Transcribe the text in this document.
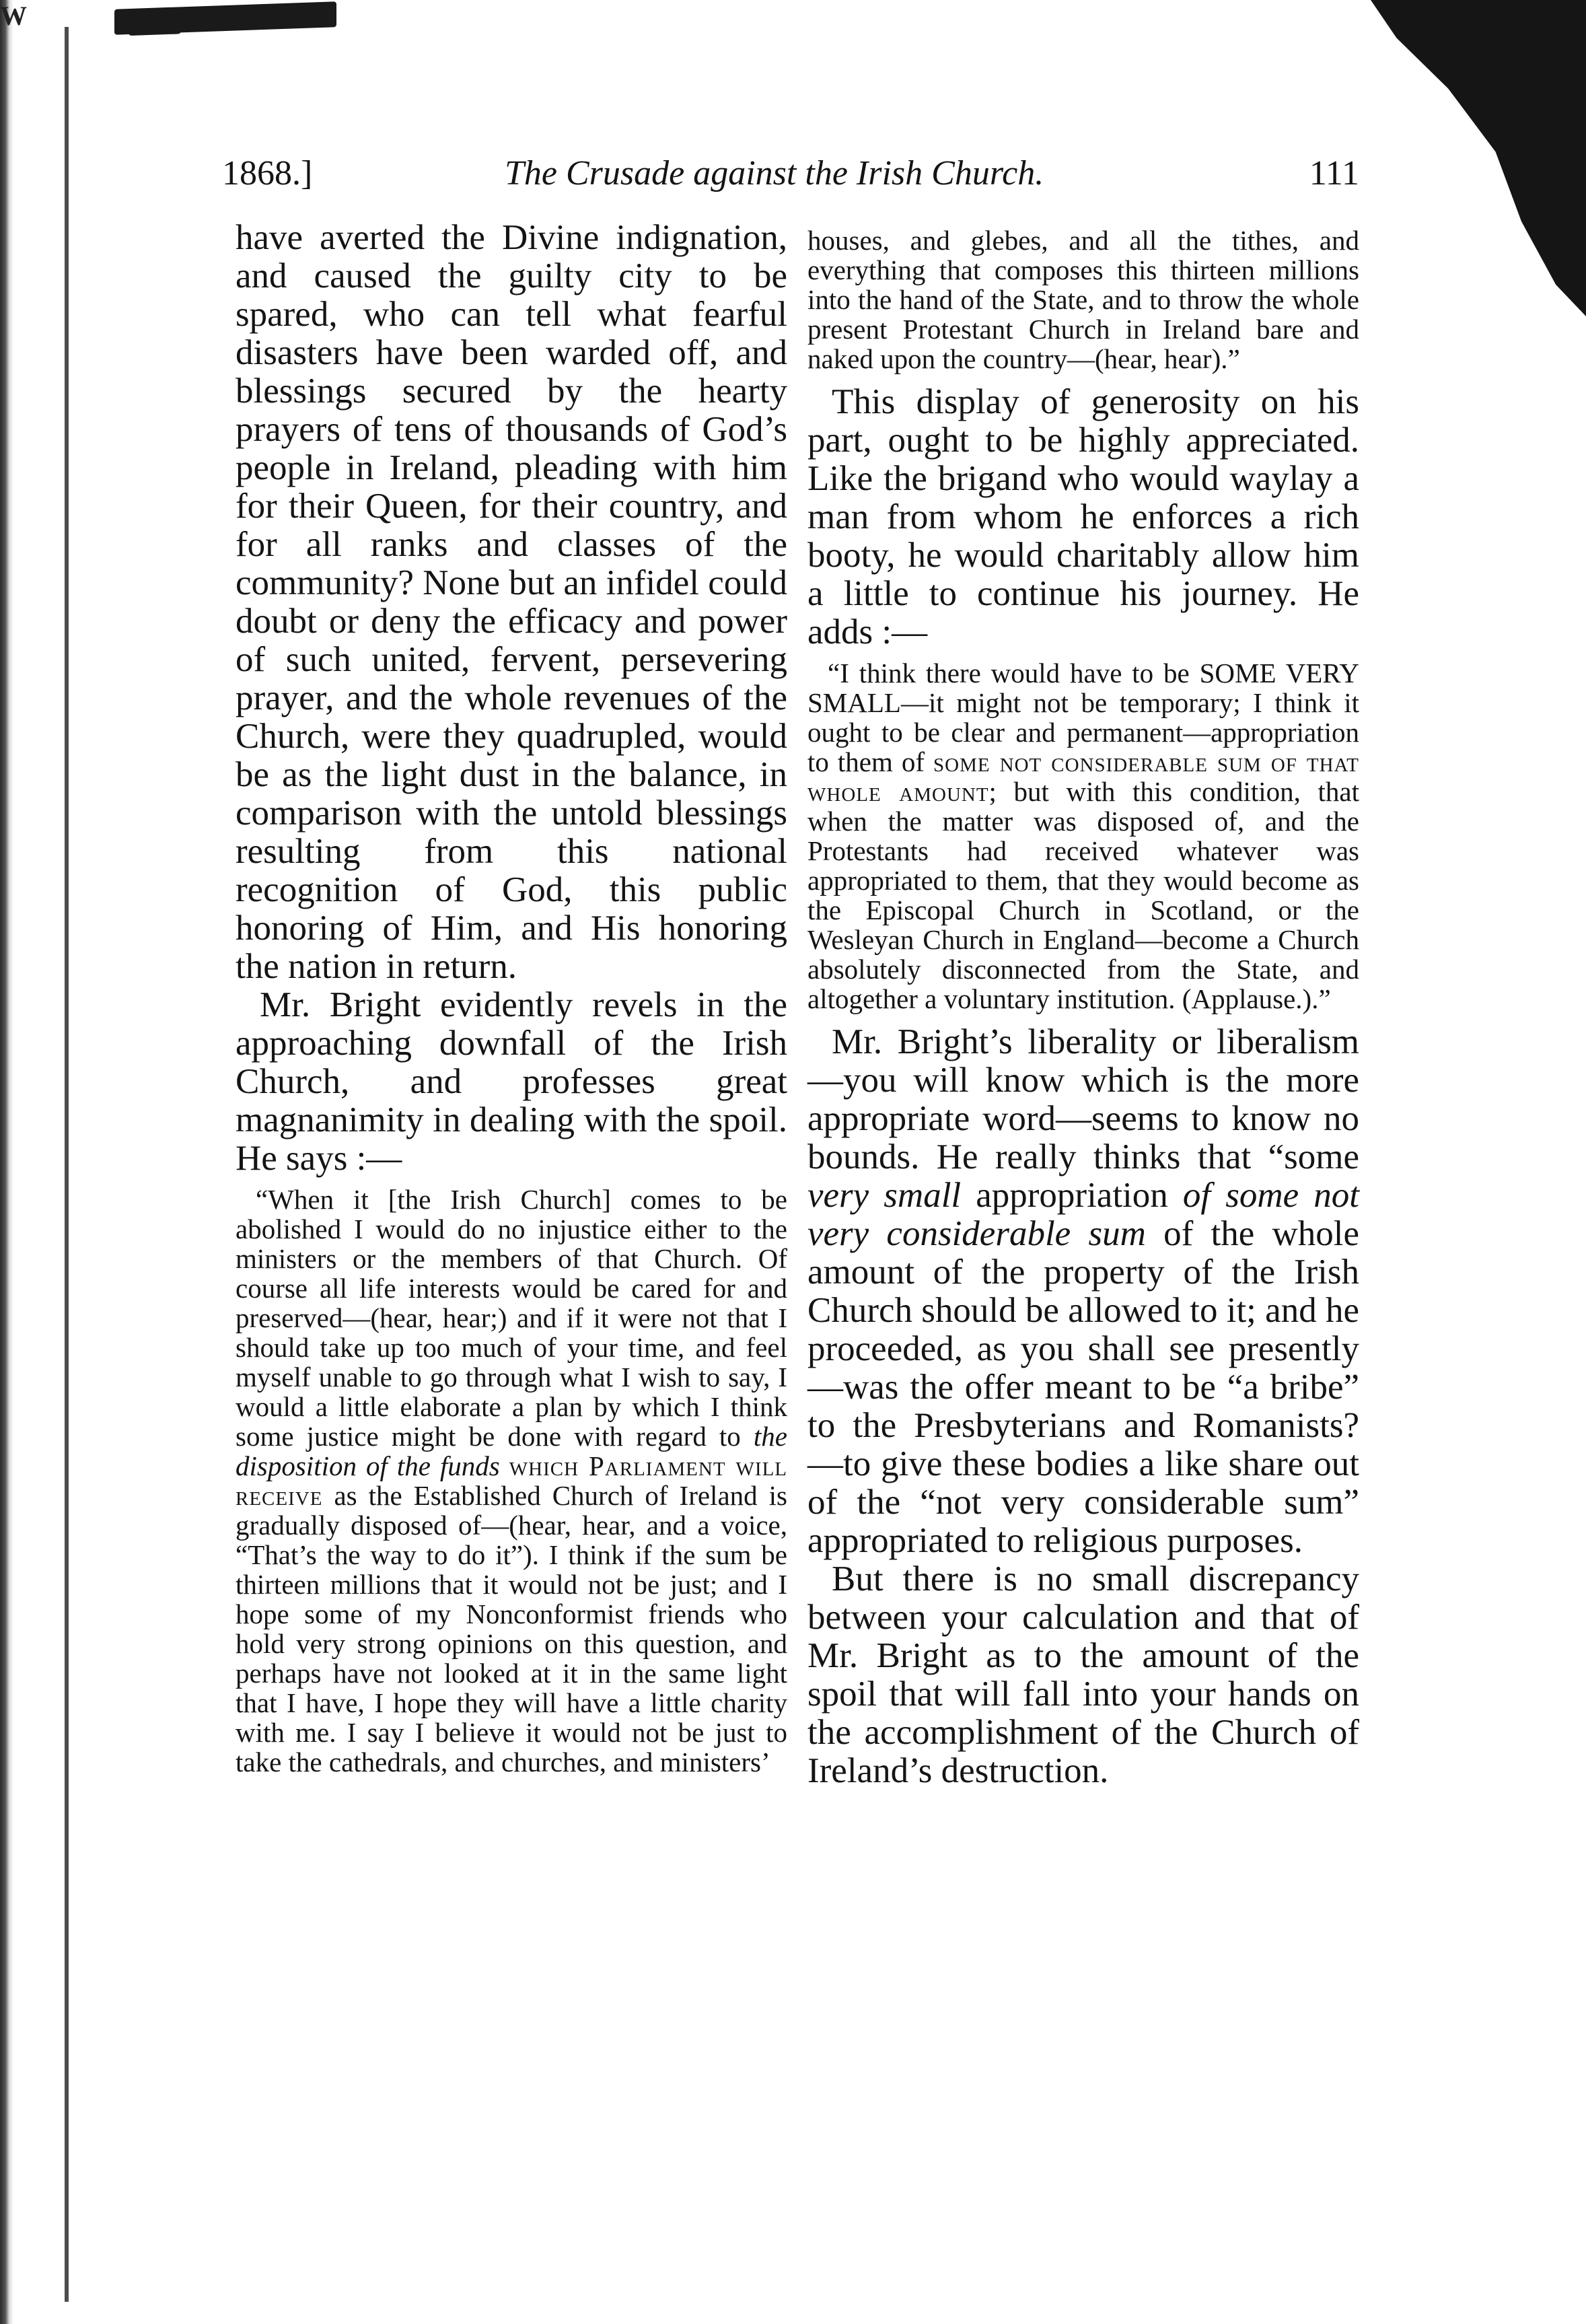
W
1868.]	The Crusade against the Irish Church.	111

have averted the Divine indignation, and caused the guilty city to be spared, who can tell what fearful disasters have been warded off, and blessings secured by the hearty prayers of tens of thousands of God’s people in Ireland, pleading with him for their Queen, for their country, and for all ranks and classes of the community? None but an infidel could doubt or deny the efficacy and power of such united, fervent, persevering prayer, and the whole revenues of the Church, were they quadrupled, would be as the light dust in the balance, in comparison with the untold blessings resulting from this national recognition of God, this public honoring of Him, and His honoring the nation in return.

Mr. Bright evidently revels in the approaching downfall of the Irish Church, and professes great magnanimity in dealing with the spoil. He says :—

“When it [the Irish Church] comes to be abolished I would do no injustice either to the ministers or the members of that Church. Of course all life interests would be cared for and preserved—(hear, hear;) and if it were not that I should take up too much of your time, and feel myself unable to go through what I wish to say, I would a little elaborate a plan by which I think some justice might be done with regard to the disposition of the funds which Parliament will receive as the Established Church of Ireland is gradually disposed of—(hear, hear, and a voice, “That’s the way to do it”). I think if the sum be thirteen millions that it would not be just; and I hope some of my Nonconformist friends who hold very strong opinions on this question, and perhaps have not looked at it in the same light that I have, I hope they will have a little charity with me. I say I believe it would not be just to take the cathedrals, and churches, and ministers’

houses, and glebes, and all the tithes, and everything that composes this thirteen millions into the hand of the State, and to throw the whole present Protestant Church in Ireland bare and naked upon the country—(hear, hear).”

This display of generosity on his part, ought to be highly appreciated. Like the brigand who would waylay a man from whom he enforces a rich booty, he would charitably allow him a little to continue his journey. He adds :—

“I think there would have to be SOME VERY SMALL—it might not be temporary; I think it ought to be clear and permanent—appropriation to them of some not considerable sum of that whole amount; but with this condition, that when the matter was disposed of, and the Protestants had received whatever was appropriated to them, that they would become as the Episcopal Church in Scotland, or the Wesleyan Church in England—become a Church absolutely disconnected from the State, and altogether a voluntary institution. (Applause.).”

Mr. Bright’s liberality or liberalism—you will know which is the more appropriate word—seems to know no bounds. He really thinks that “some very small appropriation of some not very considerable sum of the whole amount of the property of the Irish Church should be allowed to it; and he proceeded, as you shall see presently—was the offer meant to be “a bribe” to the Presbyterians and Romanists?—to give these bodies a like share out of the “not very considerable sum” appropriated to religious purposes.

But there is no small discrepancy between your calculation and that of Mr. Bright as to the amount of the spoil that will fall into your hands on the accomplishment of the Church of Ireland’s destruction.
